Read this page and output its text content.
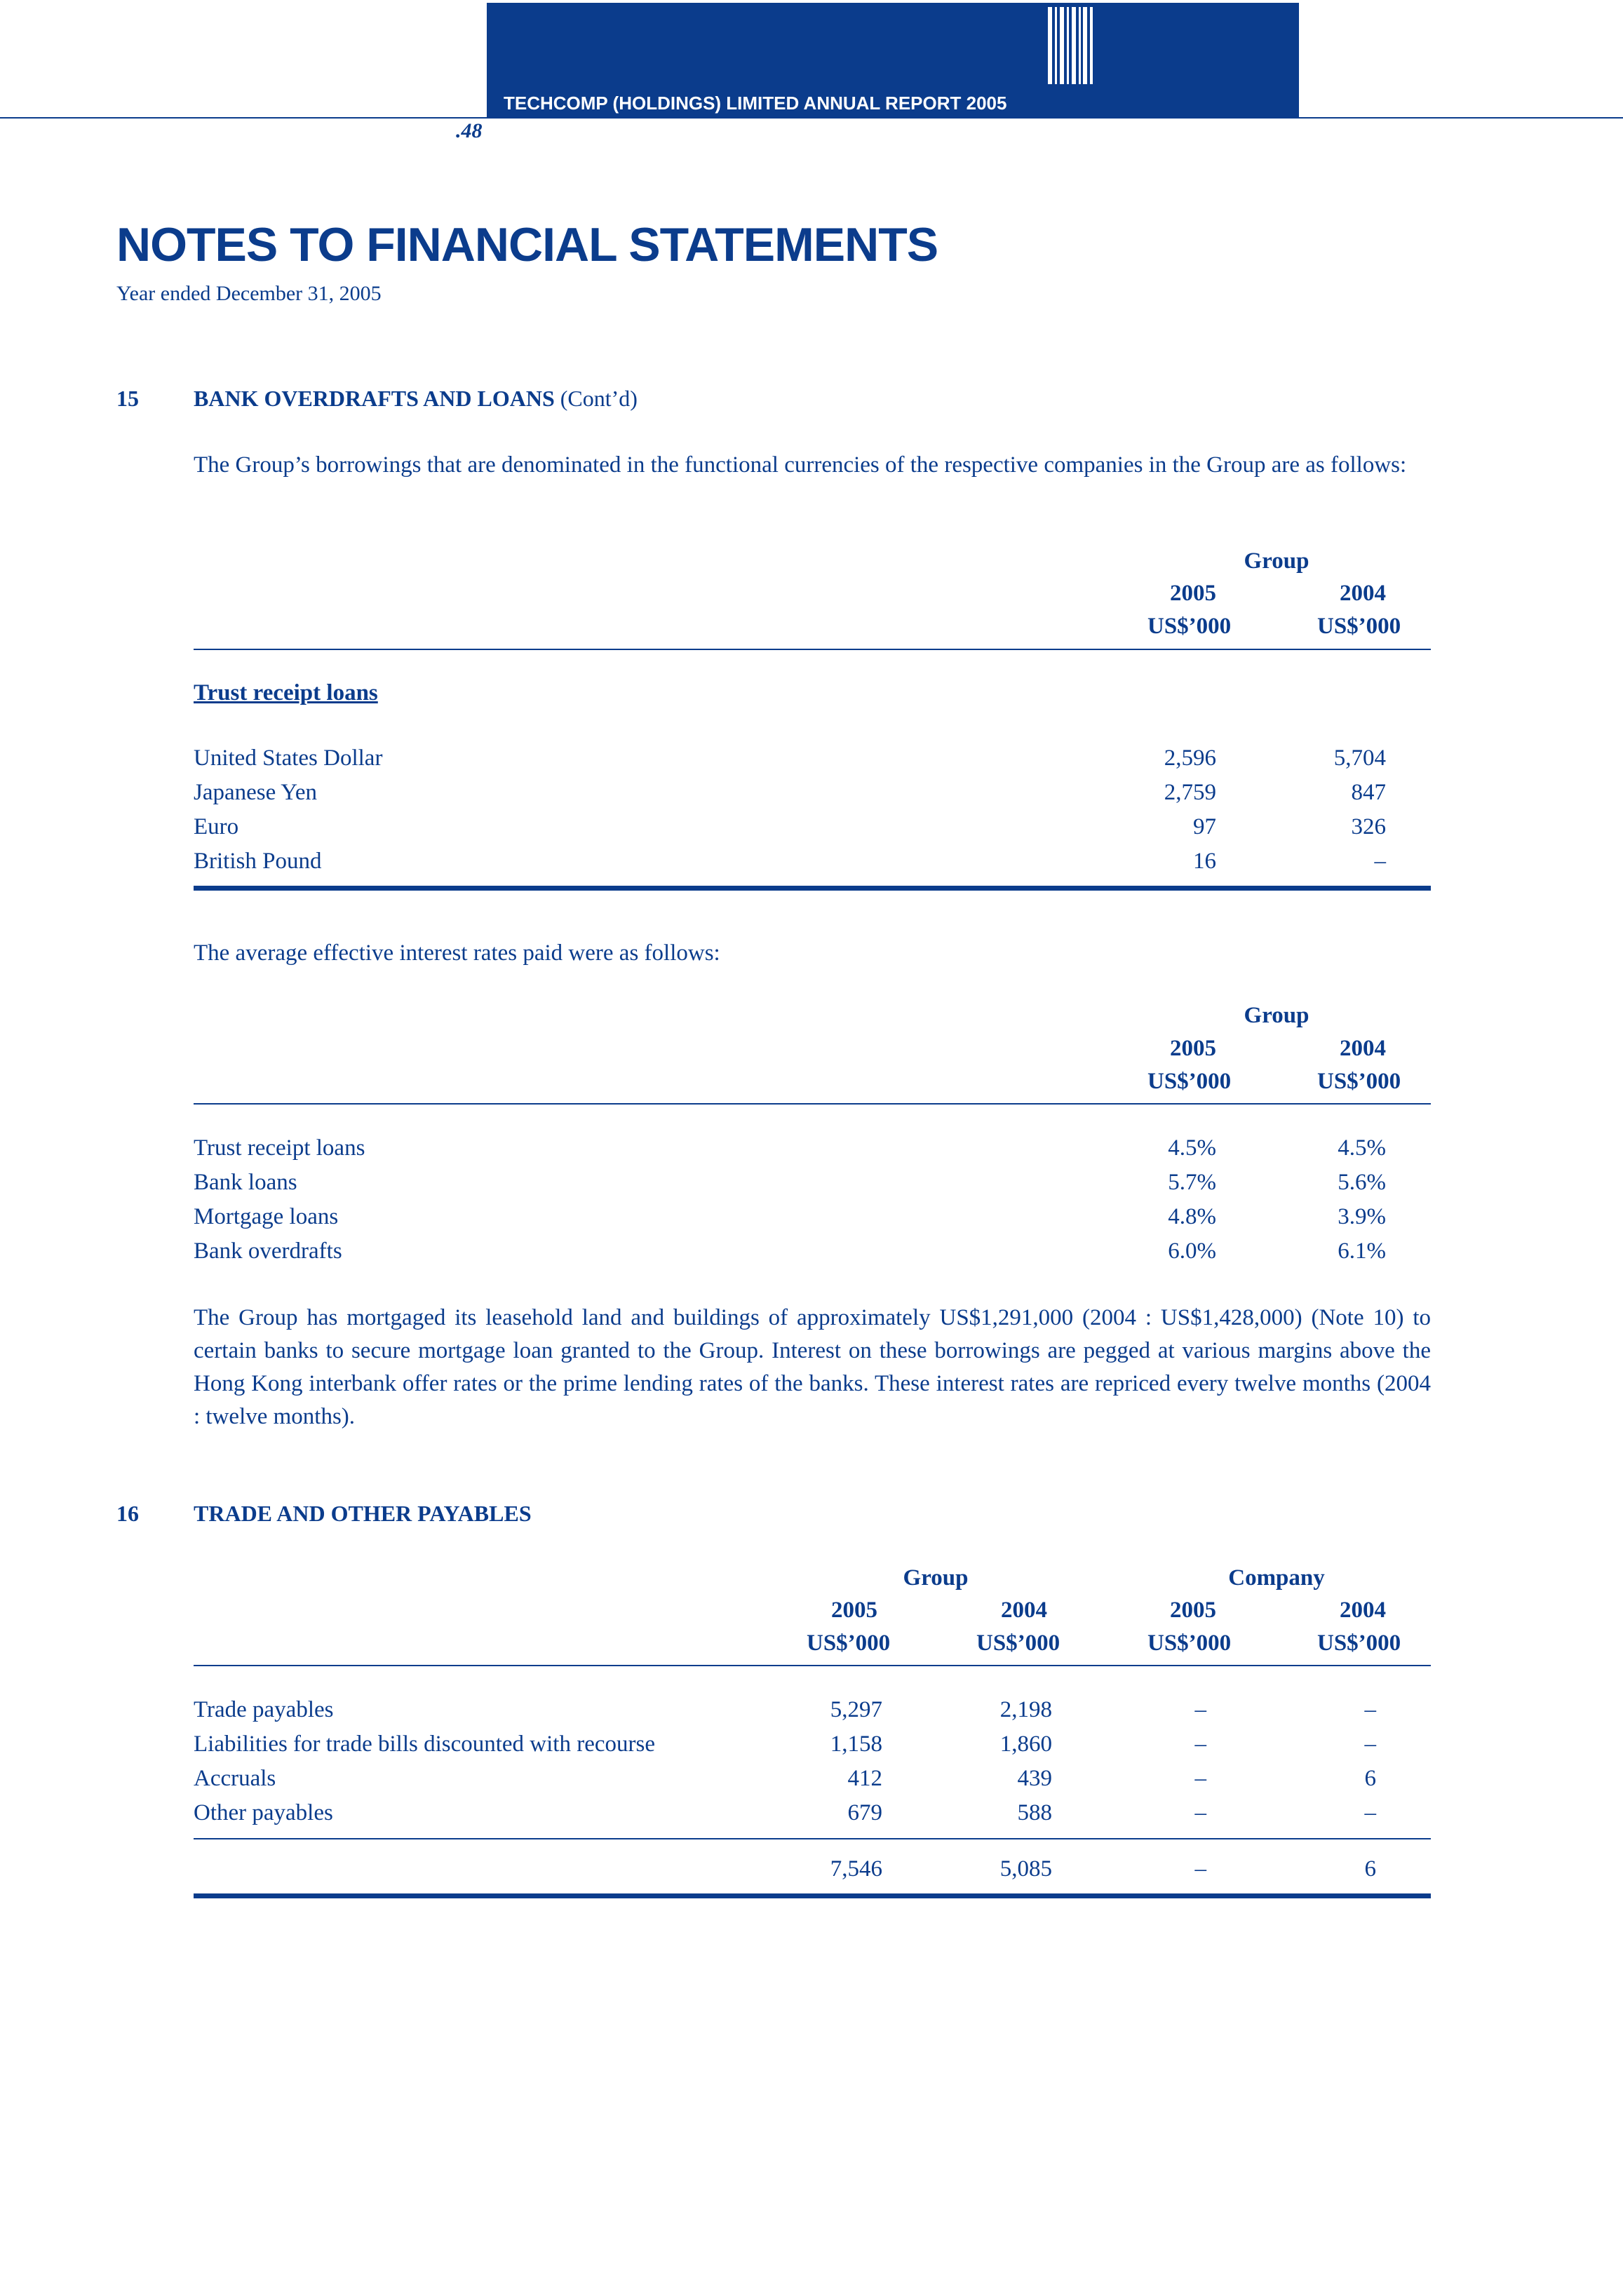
TECHCOMP (HOLDINGS) LIMITED ANNUAL REPORT 2005
.48
NOTES TO FINANCIAL STATEMENTS
Year ended December 31, 2005
15 BANK OVERDRAFTS AND LOANS (Cont’d)
The Group’s borrowings that are denominated in the functional currencies of the respective companies in the Group are as follows:
Group
2005	2004
US$’000	US$’000
Trust receipt loans
United States Dollar	2,596	5,704
Japanese Yen	2,759	847
Euro	97	326
British Pound	16	–
The average effective interest rates paid were as follows:
Group
2005	2004
US$’000	US$’000
Trust receipt loans	4.5%	4.5%
Bank loans	5.7%	5.6%
Mortgage loans	4.8%	3.9%
Bank overdrafts	6.0%	6.1%
The Group has mortgaged its leasehold land and buildings of approximately US$1,291,000 (2004 : US$1,428,000) (Note 10) to certain banks to secure mortgage loan granted to the Group. Interest on these borrowings are pegged at various margins above the Hong Kong interbank offer rates or the prime lending rates of the banks. These interest rates are repriced every twelve months (2004 : twelve months).
16 TRADE AND OTHER PAYABLES
Group	Company
2005	2004	2005	2004
US$’000	US$’000	US$’000	US$’000
Trade payables	5,297	2,198	–	–
Liabilities for trade bills discounted with recourse	1,158	1,860	–	–
Accruals	412	439	–	6
Other payables	679	588	–	–
7,546	5,085	–	6
